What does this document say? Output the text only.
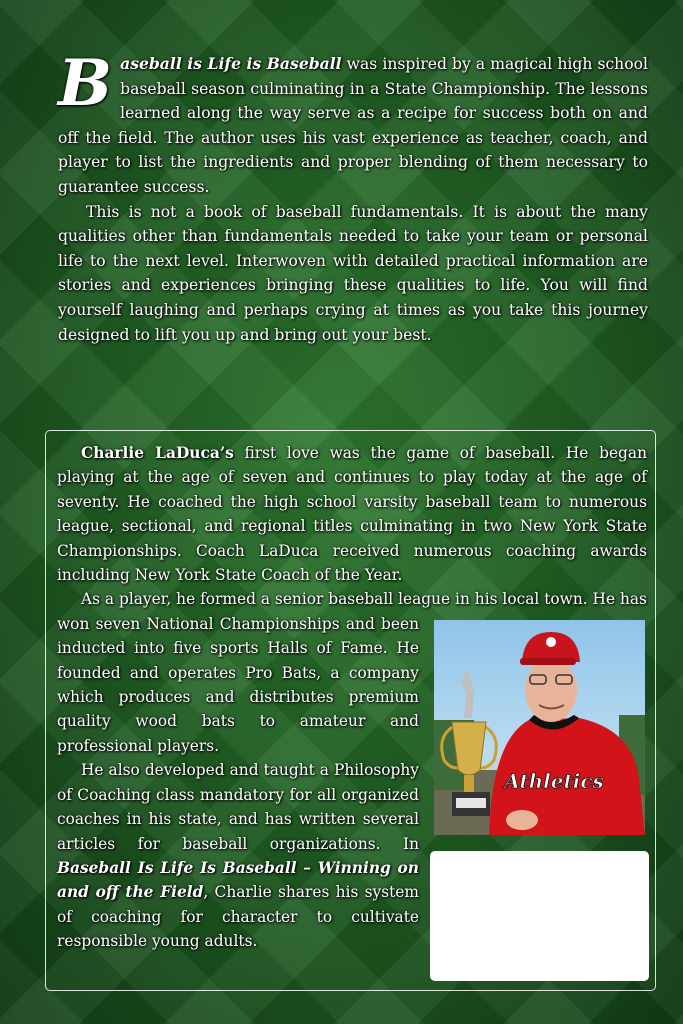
Baseball is Life is Baseball was inspired by a magical high school baseball season culminating in a State Championship. The lessons learned along the way serve as a recipe for success both on and off the field. The author uses his vast experience as teacher, coach, and player to list the ingredients and proper blending of them necessary to guarantee success.

This is not a book of baseball fundamentals. It is about the many qualities other than fundamentals needed to take your team or personal life to the next level. Interwoven with detailed practical information are stories and experiences bringing these qualities to life. You will find yourself laughing and perhaps crying at times as you take this journey designed to lift you up and bring out your best.

Charlie LaDuca’s first love was the game of baseball. He began playing at the age of seven and continues to play today at the age of seventy. He coached the high school varsity baseball team to numerous league, sectional, and regional titles culminating in two New York State Championships. Coach LaDuca received numerous coaching awards including New York State Coach of the Year.

As a player, he formed a senior baseball league in his local town. He has

won seven National Championships and been inducted into five sports Halls of Fame. He founded and operates Pro Bats, a company which produces and distributes premium quality wood bats to amateur and professional players.

He also developed and taught a Philosophy of Coaching class mandatory for all organized coaches in his state, and has written several articles for baseball organizations. In Baseball Is Life Is Baseball – Winning on and off the Field, Charlie shares his system of coaching for character to cultivate responsible young adults.

Athletics
